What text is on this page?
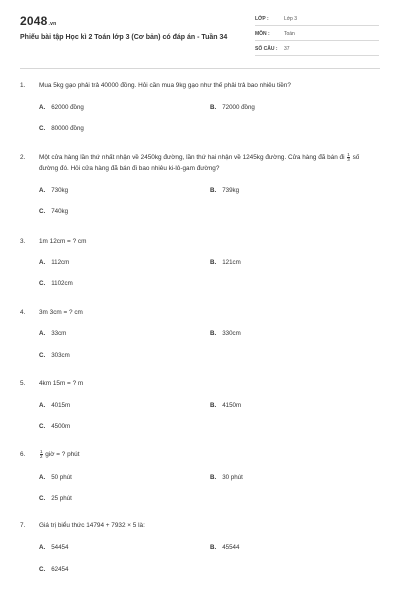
2048.vn
Phiếu bài tập Học kì 2 Toán lớp 3 (Cơ bản) có đáp án - Tuần 34
LỚP :	Lớp 3
MÔN :	Toán
SỐ CÂU : 37
1.	Mua 5kg gạo phải trả 40000 đồng. Hỏi cần mua 9kg gạo như thế phải trả bao nhiêu tiền?
A. 62000 đồng	B. 72000 đồng
C. 80000 đồng
2.	Một cửa hàng lần thứ nhất nhận về 2450kg đường, lần thứ hai nhận về 1245kg đường. Cửa hàng đã bán đi $\frac{1}{3}$ số đường đó. Hỏi cửa hàng đã bán đi bao nhiêu ki-lô-gam đường?
A. 730kg	B. 739kg
C. 740kg
3.	1m 12cm = ? cm
A. 112cm	B. 121cm
C. 1102cm
4.	3m 3cm = ? cm
A. 33cm	B. 330cm
C. 303cm
5.	4km 15m = ? m
A. 4015m	B. 4150m
C. 4500m
6.	$\frac{1}{2}$ giờ = ? phút
A. 50 phút	B. 30 phút
C. 25 phút
7.	Giá trị biểu thức 14794 + 7932 × 5 là:
A. 54454	B. 45544
C. 62454
